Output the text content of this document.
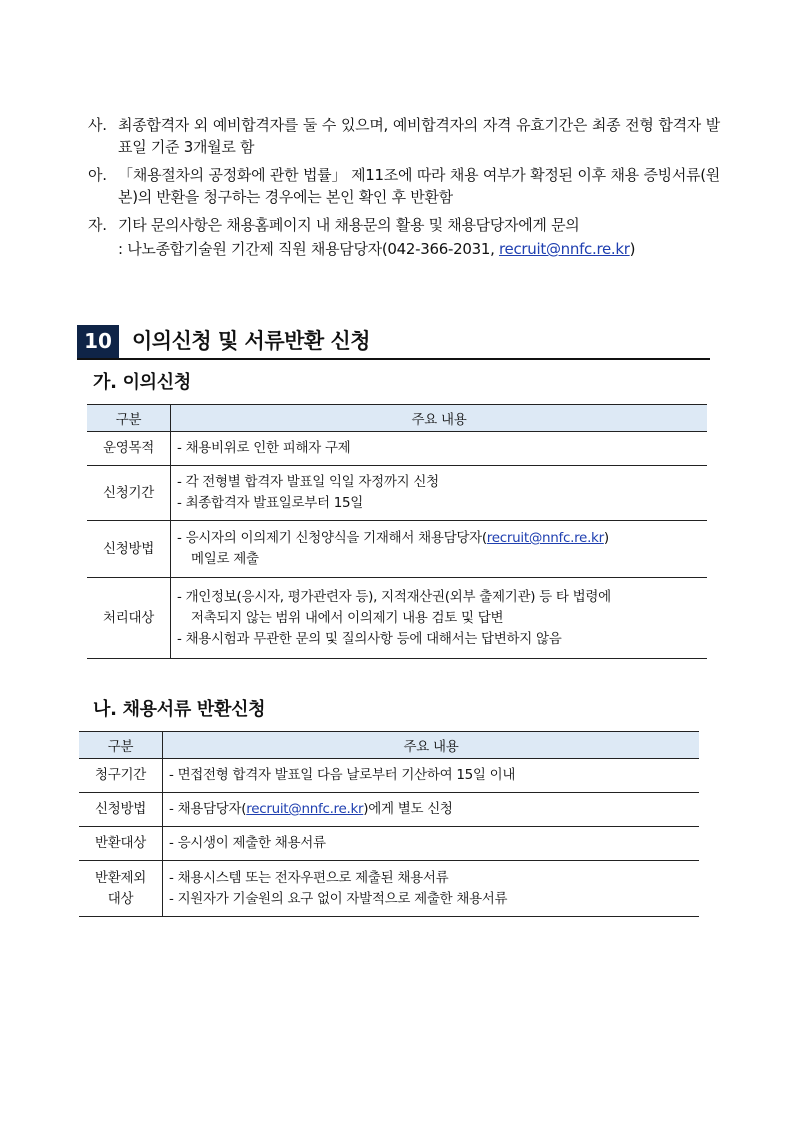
사. 최종합격자 외 예비합격자를 둘 수 있으며, 예비합격자의 자격 유효기간은 최종 전형 합격자 발표일 기준 3개월로 함
아. 「채용절차의 공정화에 관한 법률」 제11조에 따라 채용 여부가 확정된 이후 채용 증빙서류(원본)의 반환을 청구하는 경우에는 본인 확인 후 반환함
자. 기타 문의사항은 채용홈페이지 내 채용문의 활용 및 채용담당자에게 문의
: 나노종합기술원 기간제 직원 채용담당자(042-366-2031, recruit@nnfc.re.kr)
10 이의신청 및 서류반환 신청
가. 이의신청
구분	주요 내용
운영목적	- 채용비위로 인한 피해자 구제

신청기간	- 각 전형별 합격자 발표일 익일 자정까지 신청
- 최종합격자 발표일로부터 15일

신청방법	- 응시자의 이의제기 신청양식을 기재해서 채용담당자(recruit@nnfc.re.kr)
메일로 제출

처리대상	- 개인정보(응시자, 평가관련자 등), 지적재산권(외부 출제기관) 등 타 법령에
저촉되지 않는 범위 내에서 이의제기 내용 검토 및 답변
- 채용시험과 무관한 문의 및 질의사항 등에 대해서는 답변하지 않음
나. 채용서류 반환신청
구분	주요 내용
청구기간	- 면접전형 합격자 발표일 다음 날로부터 기산하여 15일 이내

신청방법	- 채용담당자(recruit@nnfc.re.kr)에게 별도 신청

반환대상	- 응시생이 제출한 채용서류

반환제외
대상	- 채용시스템 또는 전자우편으로 제출된 채용서류
- 지원자가 기술원의 요구 없이 자발적으로 제출한 채용서류
